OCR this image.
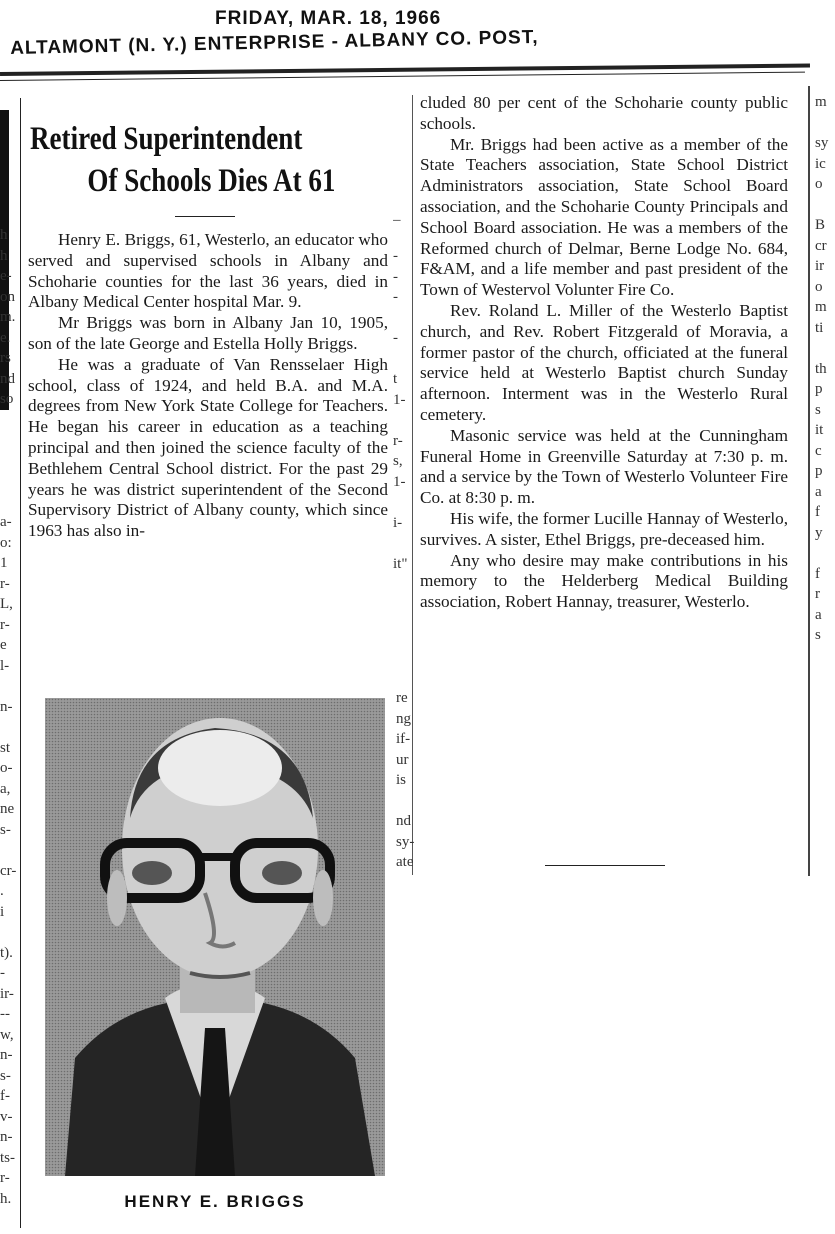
FRIDAY, MAR. 18, 1966
ALTAMONT (N. Y.) ENTERPRISE - ALBANY CO. POST,
h
h
e-
on
m.
e.
rs
nd
so

a-
o:
1
r-
L,
r-
e
l-

n-

st
o-
a,
ne
s-

cr-
.
i

t).
-
ir-
--
w,
n-
s-
f-
v-
n-
ts-
r-
h.
Retired Superintendent
Of Schools Dies At 61

Henry E. Briggs, 61, Westerlo, an educator who served and supervised schools in Albany and Schoharie counties for the last 36 years, died in Albany Medical Center hospital Mar. 9.

Mr Briggs was born in Albany Jan 10, 1905, son of the late George and Estella Holly Briggs.

He was a graduate of Van Rensselaer High school, class of 1924, and held B.A. and M.A. degrees from New York State College for Teachers. He began his career in education as a teaching principal and then joined the science faculty of the Bethlehem Central School district. For the past 29 years he was district superintendent of the Second Supervisory District of Albany county, which since 1963 has also in-

_

-
-
-

-

t
1-

r-
s,
1-

i-

it"
re
ng
if-
ur
is

nd
sy-
ate
HENRY E. BRIGGS

cluded 80 per cent of the Schoharie county public schools.

Mr. Briggs had been active as a member of the State Teachers association, State School District Administrators association, State School Board association, and the Schoharie County Principals and School Board association. He was a members of the Reformed church of Delmar, Berne Lodge No. 684, F&AM, and a life member and past president of the Town of Westervol Volunter Fire Co.

Rev. Roland L. Miller of the Westerlo Baptist church, and Rev. Robert Fitzgerald of Moravia, a former pastor of the church, officiated at the funeral service held at Westerlo Baptist church Sunday afternoon. Interment was in the Westerlo Rural cemetery.

Masonic service was held at the Cunningham Funeral Home in Greenville Saturday at 7:30 p. m. and a service by the Town of Westerlo Volunteer Fire Co. at 8:30 p. m.

His wife, the former Lucille Hannay of Westerlo, survives. A sister, Ethel Briggs, pre-deceased him.

Any who desire may make contributions in his memory to the Helderberg Medical Building association, Robert Hannay, treasurer, Westerlo.

m

sy
ic
o

B
cr
ir
o
m
ti

th
p
s
it
c
p
a
f
y

f
r
a
s
